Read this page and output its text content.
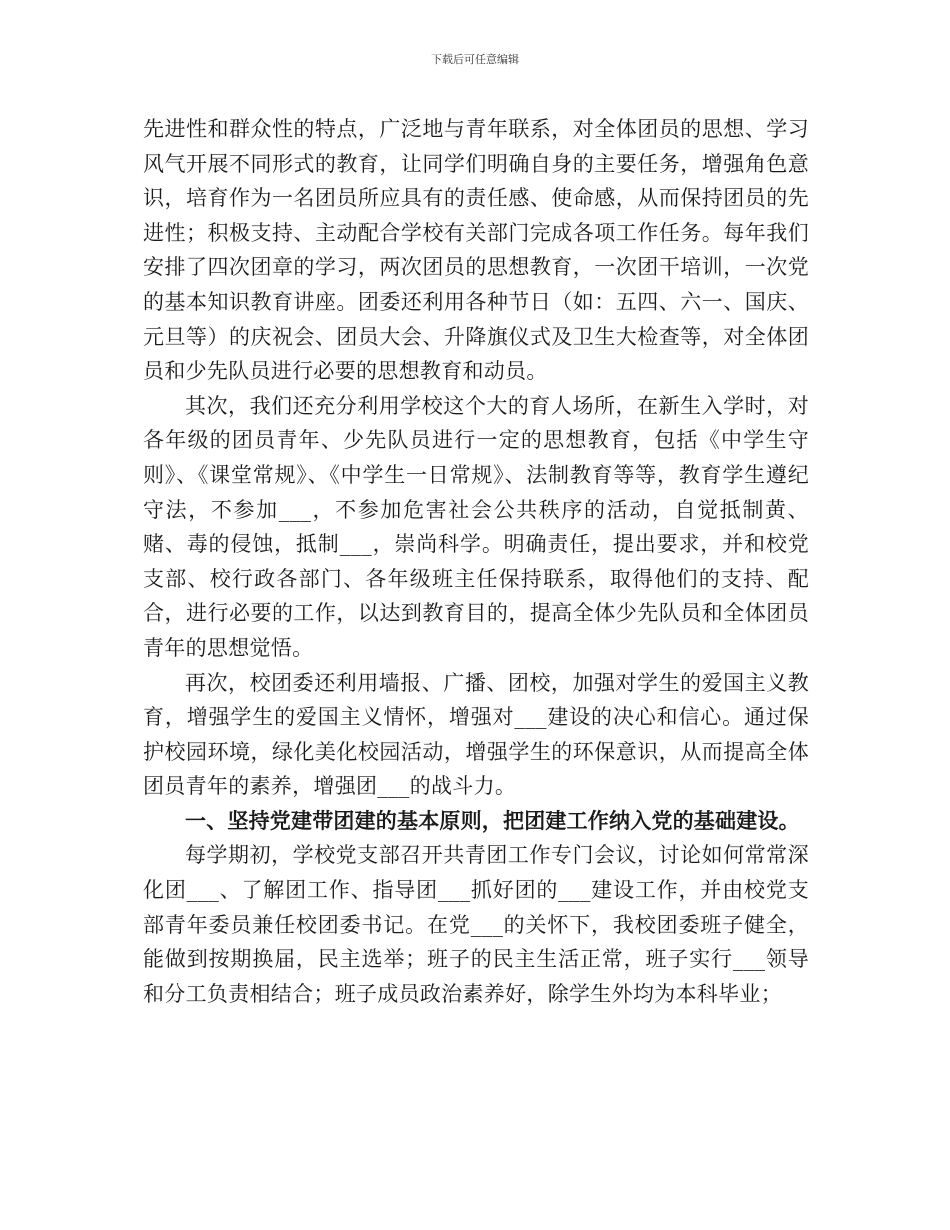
下载后可任意编辑

先进性和群众性的特点，广泛地与青年联系，对全体团员的思想、学习风气开展不同形式的教育，让同学们明确自身的主要任务，增强角色意识，培育作为一名团员所应具有的责任感、使命感，从而保持团员的先进性；积极支持、主动配合学校有关部门完成各项工作任务。每年我们安排了四次团章的学习，两次团员的思想教育，一次团干培训，一次党的基本知识教育讲座。团委还利用各种节日（如：五四、六一、国庆、元旦等）的庆祝会、团员大会、升降旗仪式及卫生大检查等，对全体团员和少先队员进行必要的思想教育和动员。

其次，我们还充分利用学校这个大的育人场所，在新生入学时，对各年级的团员青年、少先队员进行一定的思想教育，包括《中学生守则》、《课堂常规》、《中学生一日常规》、法制教育等等，教育学生遵纪守法，不参加___，不参加危害社会公共秩序的活动，自觉抵制黄、赌、毒的侵蚀，抵制___，崇尚科学。明确责任，提出要求，并和校党支部、校行政各部门、各年级班主任保持联系，取得他们的支持、配合，进行必要的工作，以达到教育目的，提高全体少先队员和全体团员青年的思想觉悟。

再次，校团委还利用墙报、广播、团校，加强对学生的爱国主义教育，增强学生的爱国主义情怀，增强对___建设的决心和信心。通过保护校园环境，绿化美化校园活动，增强学生的环保意识，从而提高全体团员青年的素养，增强团___的战斗力。

一、坚持党建带团建的基本原则，把团建工作纳入党的基础建设。

每学期初，学校党支部召开共青团工作专门会议，讨论如何常常深化团___、了解团工作、指导团___抓好团的___建设工作，并由校党支部青年委员兼任校团委书记。在党___的关怀下，我校团委班子健全，能做到按期换届，民主选举；班子的民主生活正常，班子实行___领导和分工负责相结合；班子成员政治素养好，除学生外均为本科毕业；
